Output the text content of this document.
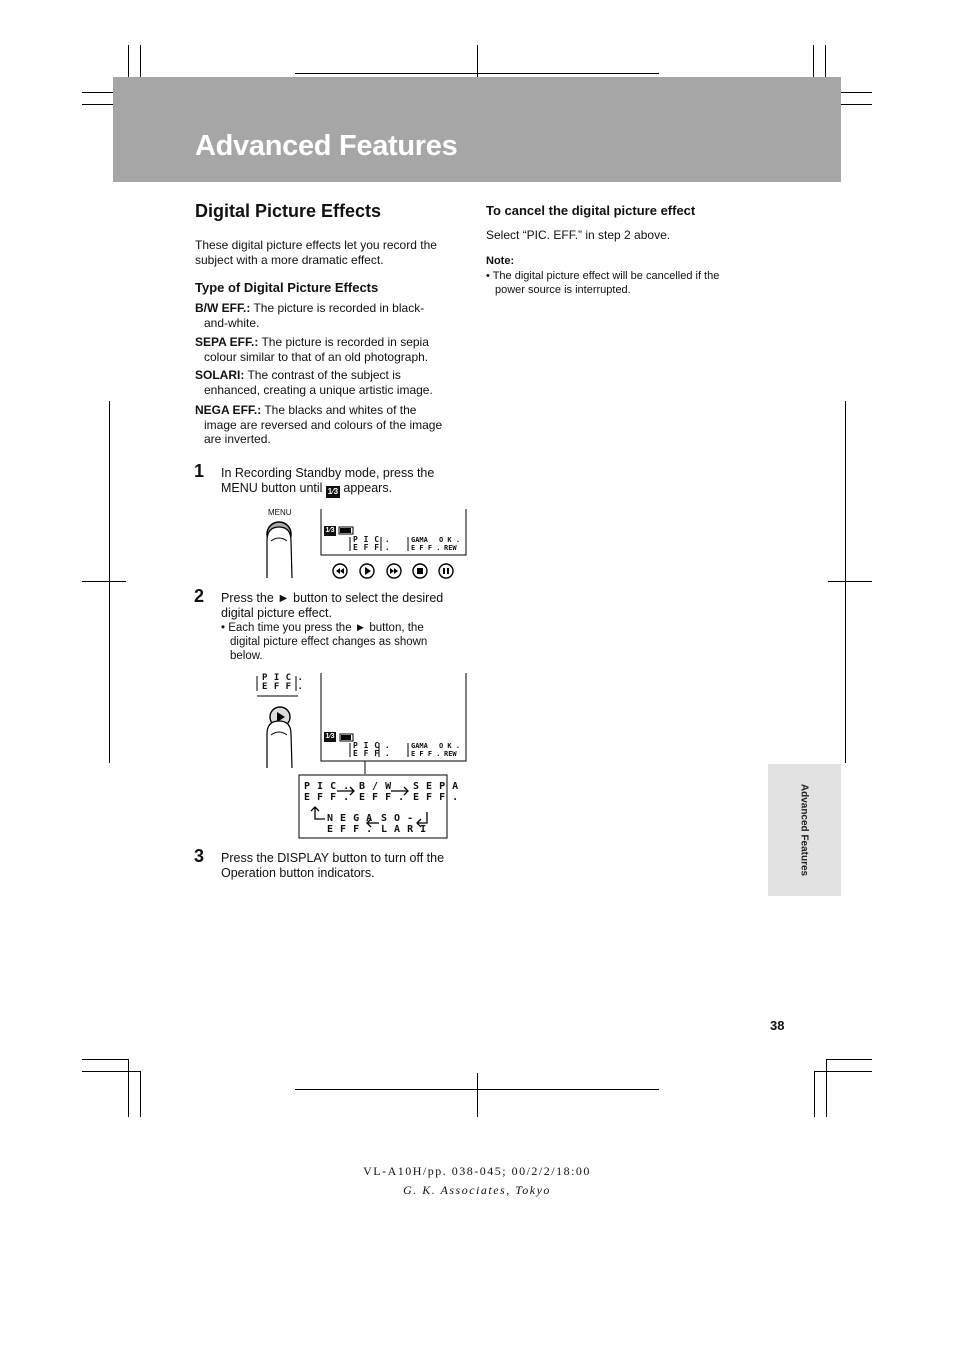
Advanced Features
Digital Picture Effects
These digital picture effects let you record the subject with a more dramatic effect.
Type of Digital Picture Effects
B/W EFF.: The picture is recorded in black-
and-white.
SEPA EFF.: The picture is recorded in sepia
colour similar to that of an old photograph.
SOLARI: The contrast of the subject is
enhanced, creating a unique artistic image.
NEGA EFF.: The blacks and whites of the
image are reversed and colours of the image
are inverted.
1 In Recording Standby mode, press the
MENU button until 1⁄3 appears.
MENU
1⁄3
P I C .
E F F .
GAMA
E F F .
O K .
REW
2 Press the ► button to select the desired
digital picture effect.
• Each time you press the ► button, the
digital picture effect changes as shown
below.
P I C .
E F F .
1⁄3
P I C .
E F F .
GAMA
E F F .
O K .
REW
P I C .
E F F .
B / W
E F F .
S E P A
E F F .
N E G A
E F F .
S O -
L A R I
3 Press the DISPLAY button to turn off the
Operation button indicators.
To cancel the digital picture effect
Select “PIC. EFF.” in step 2 above.
Note:
• The digital picture effect will be cancelled if the
power source is interrupted.
Advanced Features
38
VL-A10H/pp. 038-045; 00/2/2/18:00
G. K. Associates, Tokyo
